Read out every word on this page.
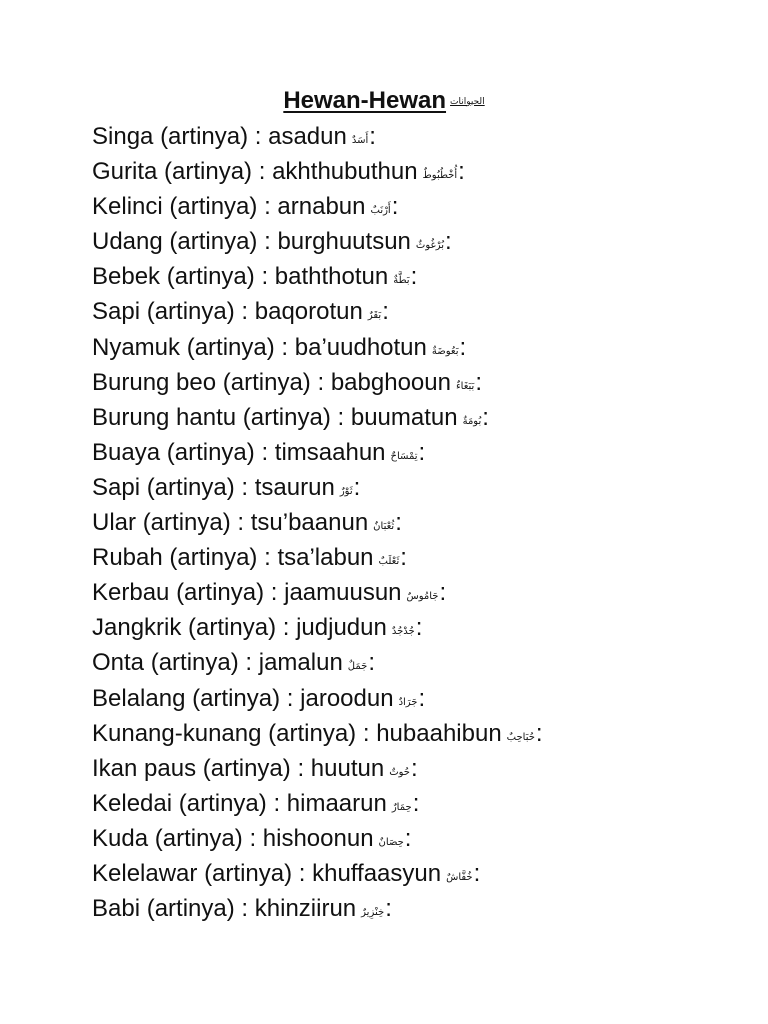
Hewan-Hewan الحيوانات
Singa (artinya) : asadun أَسَدٌ:
Gurita (artinya) : akhthubuthun أُخْطُبُوطٌ:
Kelinci (artinya) : arnabun أَرْنَبٌ:
Udang (artinya) : burghuutsun بُرْغُوثٌ:
Bebek (artinya) : baththotun بَطَّةٌ:
Sapi (artinya) : baqorotun بَقَرٌ:
Nyamuk (artinya) : ba’uudhotun بَعُوضَةٌ:
Burung beo (artinya) : babghooun بَبَغَاءٌ:
Burung hantu (artinya) : buumatun بُومَةٌ:
Buaya (artinya) : timsaahun تِمْسَاحٌ:
Sapi (artinya) : tsaurun ثَوْرٌ:
Ular (artinya) : tsu’baanun ثُعْبَانٌ:
Rubah (artinya) : tsa’labun ثَعْلَبٌ:
Kerbau (artinya) : jaamuusun جَامُوسٌ:
Jangkrik (artinya) : judjudun جُدْجُدٌ:
Onta (artinya) : jamalun جَمَلٌ:
Belalang (artinya) : jaroodun جَرَادٌ:
Kunang-kunang (artinya) : hubaahibun حُبَاحِبٌ:
Ikan paus (artinya) : huutun حُوتٌ:
Keledai (artinya) : himaarun حِمَارٌ:
Kuda (artinya) : hishoonun حِصَانٌ:
Kelelawar (artinya) : khuffaasyun خُفَّاشٌ:
Babi (artinya) : khinziirun خِنْزِيرٌ:
